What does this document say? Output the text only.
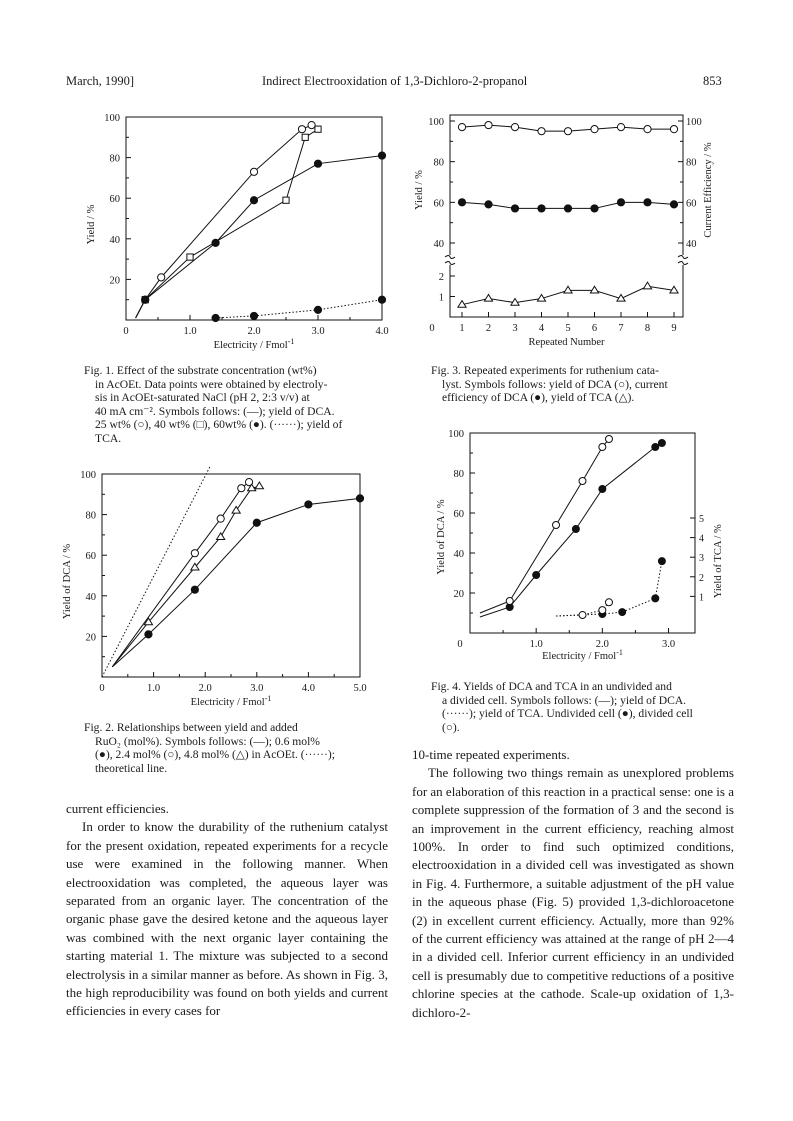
March, 1990]	Indirect Electrooxidation of 1,3-Dichloro-2-propanol	853
0	1.0	2.0	3.0	4.0
20
40
60
80
100
Electricity / Fmol$^{-1}$
Yield / %
Fig. 1. Effect of the substrate concentration (wt%)
in AcOEt. Data points were obtained by electroly-
sis in AcOEt-saturated NaCl (pH 2, 2:3 v/v) at
40 mA cm⁻². Symbols follows: (—); yield of DCA.
25 wt% (○), 40 wt% (□), 60wt% (●). (······); yield of
TCA.
0	1.0	2.0	3.0	4.0	5.0
20
40
60
80
100
Electricity / Fmol$^{-1}$
Yield of DCA / %
Fig. 2. Relationships between yield and added
RuO₂ (mol%). Symbols follows: (—); 0.6 mol%
(●), 2.4 mol% (○), 4.8 mol% (△) in AcOEt. (······);
theoretical line.
40
60
80
100
40
60
80
100
1
2
0 1 2 3 4 5 6 7 8 9
Repeated Number
Yield / %	Current Efficiency / %
Fig. 3. Repeated experiments for ruthenium cata-
lyst. Symbols follows: yield of DCA (○), current
efficiency of DCA (●), yield of TCA (△).
0	1.0	2.0	3.0
20
40
60
80
100
1
2
3
4
5
Electricity / Fmol$^{-1}$
Yield of DCA / %	Yield of TCA / %
Fig. 4. Yields of DCA and TCA in an undivided and
a divided cell. Symbols follows: (—); yield of DCA.
(······); yield of TCA. Undivided cell (●), divided cell
(○).

current efficiencies.

In order to know the durability of the ruthenium catalyst for the present oxidation, repeated experiments for a recycle use were examined in the following manner. When electrooxidation was completed, the aqueous layer was separated from an organic layer. The concentration of the organic phase gave the desired ketone and the aqueous layer was combined with the next organic layer containing the starting material 1. The mixture was subjected to a second electrolysis in a similar manner as before. As shown in Fig. 3, the high reproducibility was found on both yields and current efficiencies in every cases for

10-time repeated experiments.

The following two things remain as unexplored problems for an elaboration of this reaction in a practical sense: one is a complete suppression of the formation of 3 and the second is an improvement in the current efficiency, reaching almost 100%. In order to find such optimized conditions, electrooxidation in a divided cell was investigated as shown in Fig. 4. Furthermore, a suitable adjustment of the pH value in the aqueous phase (Fig. 5) provided 1,3-dichloroacetone (2) in excellent current efficiency. Actually, more than 92% of the current efficiency was attained at the range of pH 2—4 in a divided cell. Inferior current efficiency in an undivided cell is presumably due to competitive reductions of a positive chlorine species at the cathode. Scale-up oxidation of 1,3-dichloro-2-
